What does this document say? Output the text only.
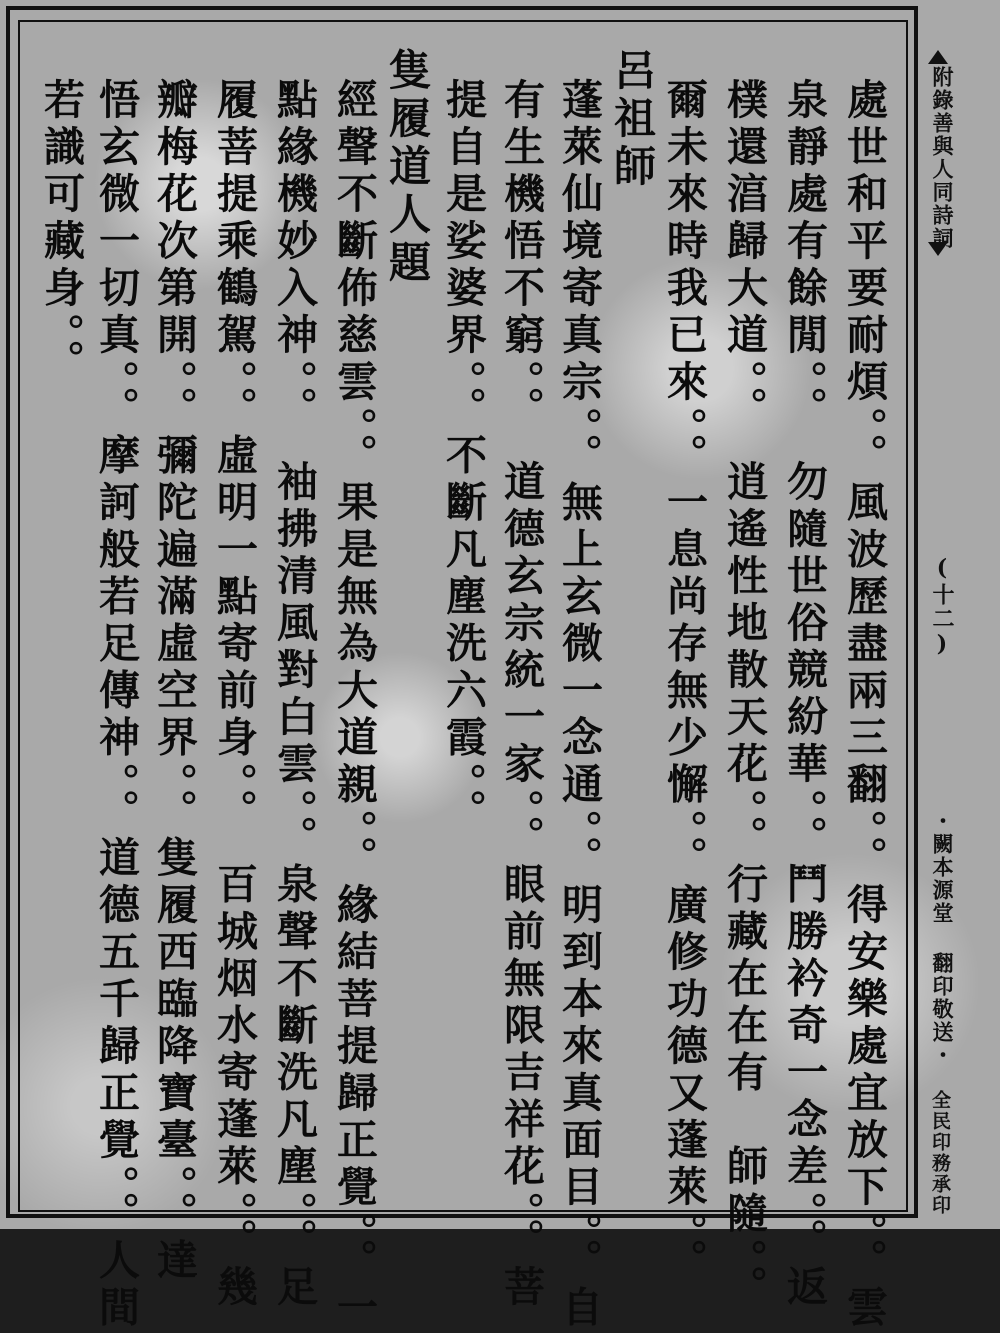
處世和平要耐煩。。風波歷盡兩三翻。。得安樂處宜放下。。雲
泉靜處有餘閒。。　勿隨世俗競紛華。。鬥勝衿奇一念差。。返
樸還湻歸大道。。　逍遙性地散天花。。行藏在在有　師隨。。
爾未來時我已來。。一息尚存無少懈。。廣修功德又蓬萊。。
呂祖師
蓬萊仙境寄真宗。。無上玄微一念通。。明到本來真面目。。自
有生機悟不窮。。　道德玄宗統一家。。眼前無限吉祥花。。菩
提自是娑婆界。。不斷凡塵洗六霞。。
隻履道人題
經聲不斷佈慈雲。。果是無為大道親。。緣結菩提歸正覺。。一
點緣機妙入神。。　袖拂清風對白雲。。泉聲不斷洗凡塵。。足
履菩提乘鶴駕。。虛明一點寄前身。。　百城烟水寄蓬萊。。幾
瓣梅花次第開。。彌陀遍滿虛空界。。隻履西臨降寶臺。。達
悟玄微一切真。。摩訶般若足傳神。。道德五千歸正覺。。人間
若識可藏身。。	附錄善與人同詩詞
(十二)
・闕本源堂 翻印敬送・
全民印務承印
